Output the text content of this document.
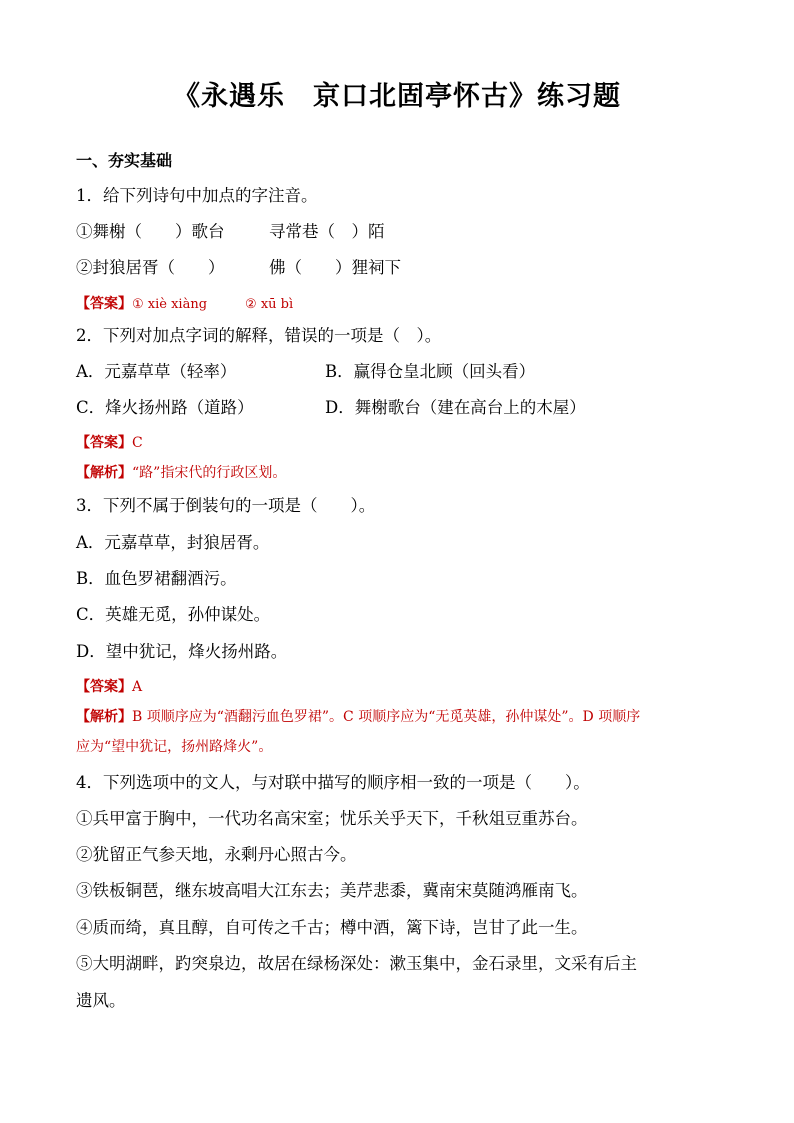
《永遇乐　京口北固亭怀古》练习题
一、夯实基础
1．给下列诗句中加点的字注音。
①舞榭（　　）歌台	寻常巷（　）陌
②封狼居胥（　　）	佛（　　）狸祠下
【答案】① xiè xiàng	② xū bì
2．下列对加点字词的解释，错误的一项是（　）。
A．元嘉草草（轻率）	B．赢得仓皇北顾（回头看）
C．烽火扬州路（道路）	D．舞榭歌台（建在高台上的木屋）
【答案】C
【解析】“路”指宋代的行政区划。
3．下列不属于倒装句的一项是（　　）。
A．元嘉草草，封狼居胥。
B．血色罗裙翻酒污。
C．英雄无觅，孙仲谋处。
D．望中犹记，烽火扬州路。
【答案】A
【解析】B 项顺序应为“酒翻污血色罗裙”。C 项顺序应为“无觅英雄，孙仲谋处”。D 项顺序
应为“望中犹记，扬州路烽火”。
4．下列选项中的文人，与对联中描写的顺序相一致的一项是（　　）。
①兵甲富于胸中，一代功名高宋室；忧乐关乎天下，千秋俎豆重苏台。
②犹留正气参天地，永剩丹心照古今。
③铁板铜琶，继东坡高唱大江东去；美芹悲黍，冀南宋莫随鸿雁南飞。
④质而绮，真且醇，自可传之千古；樽中酒，篱下诗，岂甘了此一生。
⑤大明湖畔，趵突泉边，故居在绿杨深处：漱玉集中，金石录里，文采有后主
遗风。
